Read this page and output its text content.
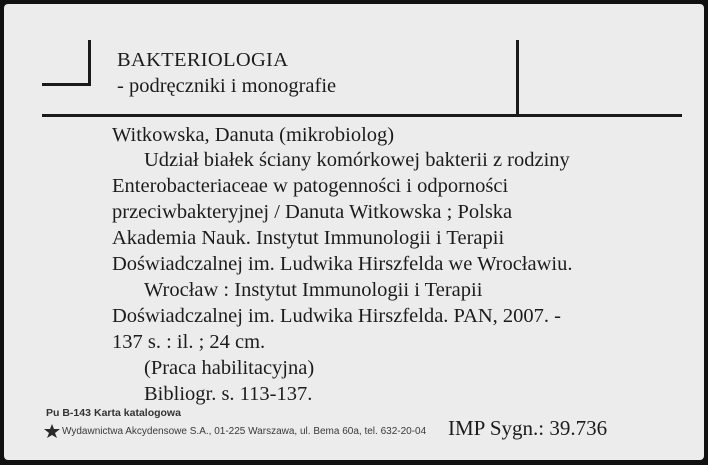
BAKTERIOLOGIA
- podręczniki i monografie
Witkowska, Danuta (mikrobiolog)
Udział białek ściany komórkowej bakterii z rodziny
Enterobacteriaceae w patogenności i odporności
przeciwbakteryjnej / Danuta Witkowska ; Polska
Akademia Nauk. Instytut Immunologii i Terapii
Doświadczalnej im. Ludwika Hirszfelda we Wrocławiu.
Wrocław : Instytut Immunologii i Terapii
Doświadczalnej im. Ludwika Hirszfelda. PAN, 2007. -
137 s. : il. ; 24 cm.
(Praca habilitacyjna)
Bibliogr. s. 113-137.
Pu B-143 Karta katalogowa
Wydawnictwa Akcydensowe S.A., 01-225 Warszawa, ul. Bema 60a, tel. 632-20-04 IMP Sygn.: 39.736
